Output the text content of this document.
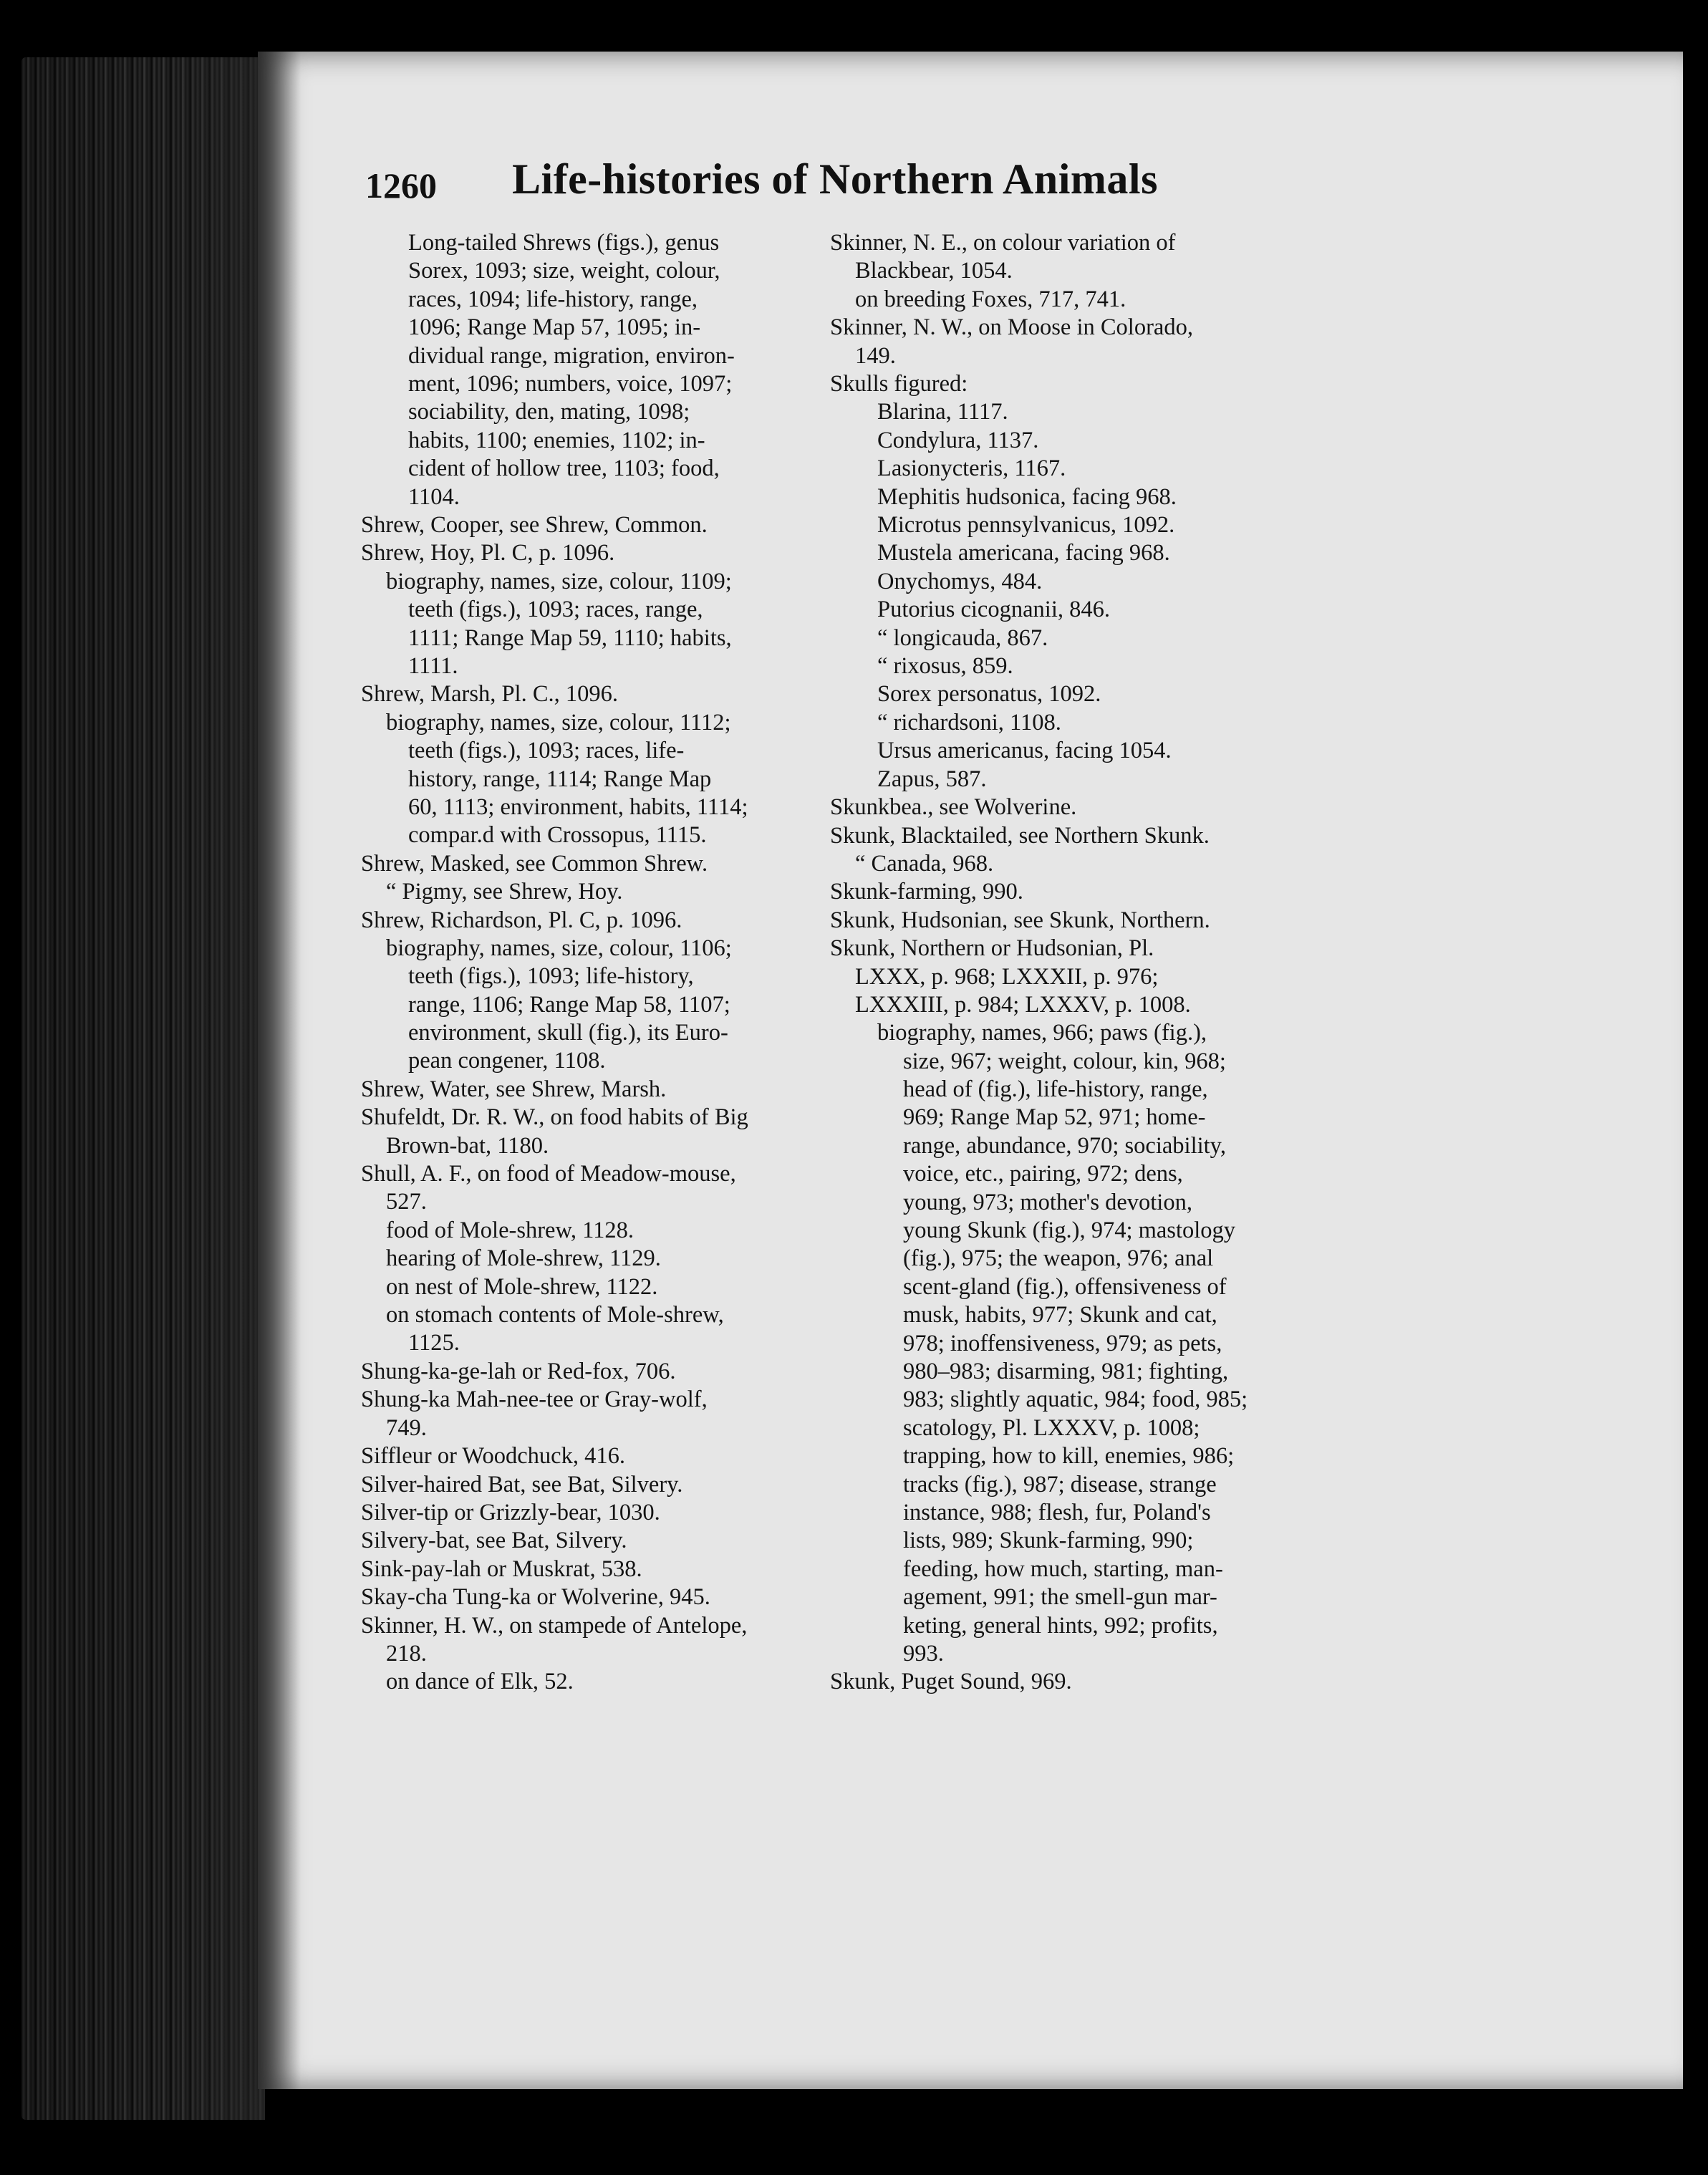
1260 Life-histories of Northern Animals
Long-tailed Shrews (figs.), genus
Sorex, 1093; size, weight, colour,
races, 1094; life-history, range,
1096; Range Map 57, 1095; in-
dividual range, migration, environ-
ment, 1096; numbers, voice, 1097;
sociability, den, mating, 1098;
habits, 1100; enemies, 1102; in-
cident of hollow tree, 1103; food,
1104.
Shrew, Cooper, see Shrew, Common.
Shrew, Hoy, Pl. C, p. 1096.
biography, names, size, colour, 1109;
teeth (figs.), 1093; races, range,
1111; Range Map 59, 1110; habits,
1111.
Shrew, Marsh, Pl. C., 1096.
biography, names, size, colour, 1112;
teeth (figs.), 1093; races, life-
history, range, 1114; Range Map
60, 1113; environment, habits, 1114;
compar.d with Crossopus, 1115.
Shrew, Masked, see Common Shrew.
“ Pigmy, see Shrew, Hoy.
Shrew, Richardson, Pl. C, p. 1096.
biography, names, size, colour, 1106;
teeth (figs.), 1093; life-history,
range, 1106; Range Map 58, 1107;
environment, skull (fig.), its Euro-
pean congener, 1108.
Shrew, Water, see Shrew, Marsh.
Shufeldt, Dr. R. W., on food habits of Big
Brown-bat, 1180.
Shull, A. F., on food of Meadow-mouse,
527.
food of Mole-shrew, 1128.
hearing of Mole-shrew, 1129.
on nest of Mole-shrew, 1122.
on stomach contents of Mole-shrew,
1125.
Shung-ka-ge-lah or Red-fox, 706.
Shung-ka Mah-nee-tee or Gray-wolf,
749.
Siffleur or Woodchuck, 416.
Silver-haired Bat, see Bat, Silvery.
Silver-tip or Grizzly-bear, 1030.
Silvery-bat, see Bat, Silvery.
Sink-pay-lah or Muskrat, 538.
Skay-cha Tung-ka or Wolverine, 945.
Skinner, H. W., on stampede of Antelope,
218.
on dance of Elk, 52.
Skinner, N. E., on colour variation of
Blackbear, 1054.
on breeding Foxes, 717, 741.
Skinner, N. W., on Moose in Colorado,
149.
Skulls figured:
Blarina, 1117.
Condylura, 1137.
Lasionycteris, 1167.
Mephitis hudsonica, facing 968.
Microtus pennsylvanicus, 1092.
Mustela americana, facing 968.
Onychomys, 484.
Putorius cicognanii, 846.
“ longicauda, 867.
“ rixosus, 859.
Sorex personatus, 1092.
“ richardsoni, 1108.
Ursus americanus, facing 1054.
Zapus, 587.
Skunkbea., see Wolverine.
Skunk, Blacktailed, see Northern Skunk.
“ Canada, 968.
Skunk-farming, 990.
Skunk, Hudsonian, see Skunk, Northern.
Skunk, Northern or Hudsonian, Pl.
LXXX, p. 968; LXXXII, p. 976;
LXXXIII, p. 984; LXXXV, p. 1008.
biography, names, 966; paws (fig.),
size, 967; weight, colour, kin, 968;
head of (fig.), life-history, range,
969; Range Map 52, 971; home-
range, abundance, 970; sociability,
voice, etc., pairing, 972; dens,
young, 973; mother's devotion,
young Skunk (fig.), 974; mastology
(fig.), 975; the weapon, 976; anal
scent-gland (fig.), offensiveness of
musk, habits, 977; Skunk and cat,
978; inoffensiveness, 979; as pets,
980–983; disarming, 981; fighting,
983; slightly aquatic, 984; food, 985;
scatology, Pl. LXXXV, p. 1008;
trapping, how to kill, enemies, 986;
tracks (fig.), 987; disease, strange
instance, 988; flesh, fur, Poland's
lists, 989; Skunk-farming, 990;
feeding, how much, starting, man-
agement, 991; the smell-gun mar-
keting, general hints, 992; profits,
993.
Skunk, Puget Sound, 969.
